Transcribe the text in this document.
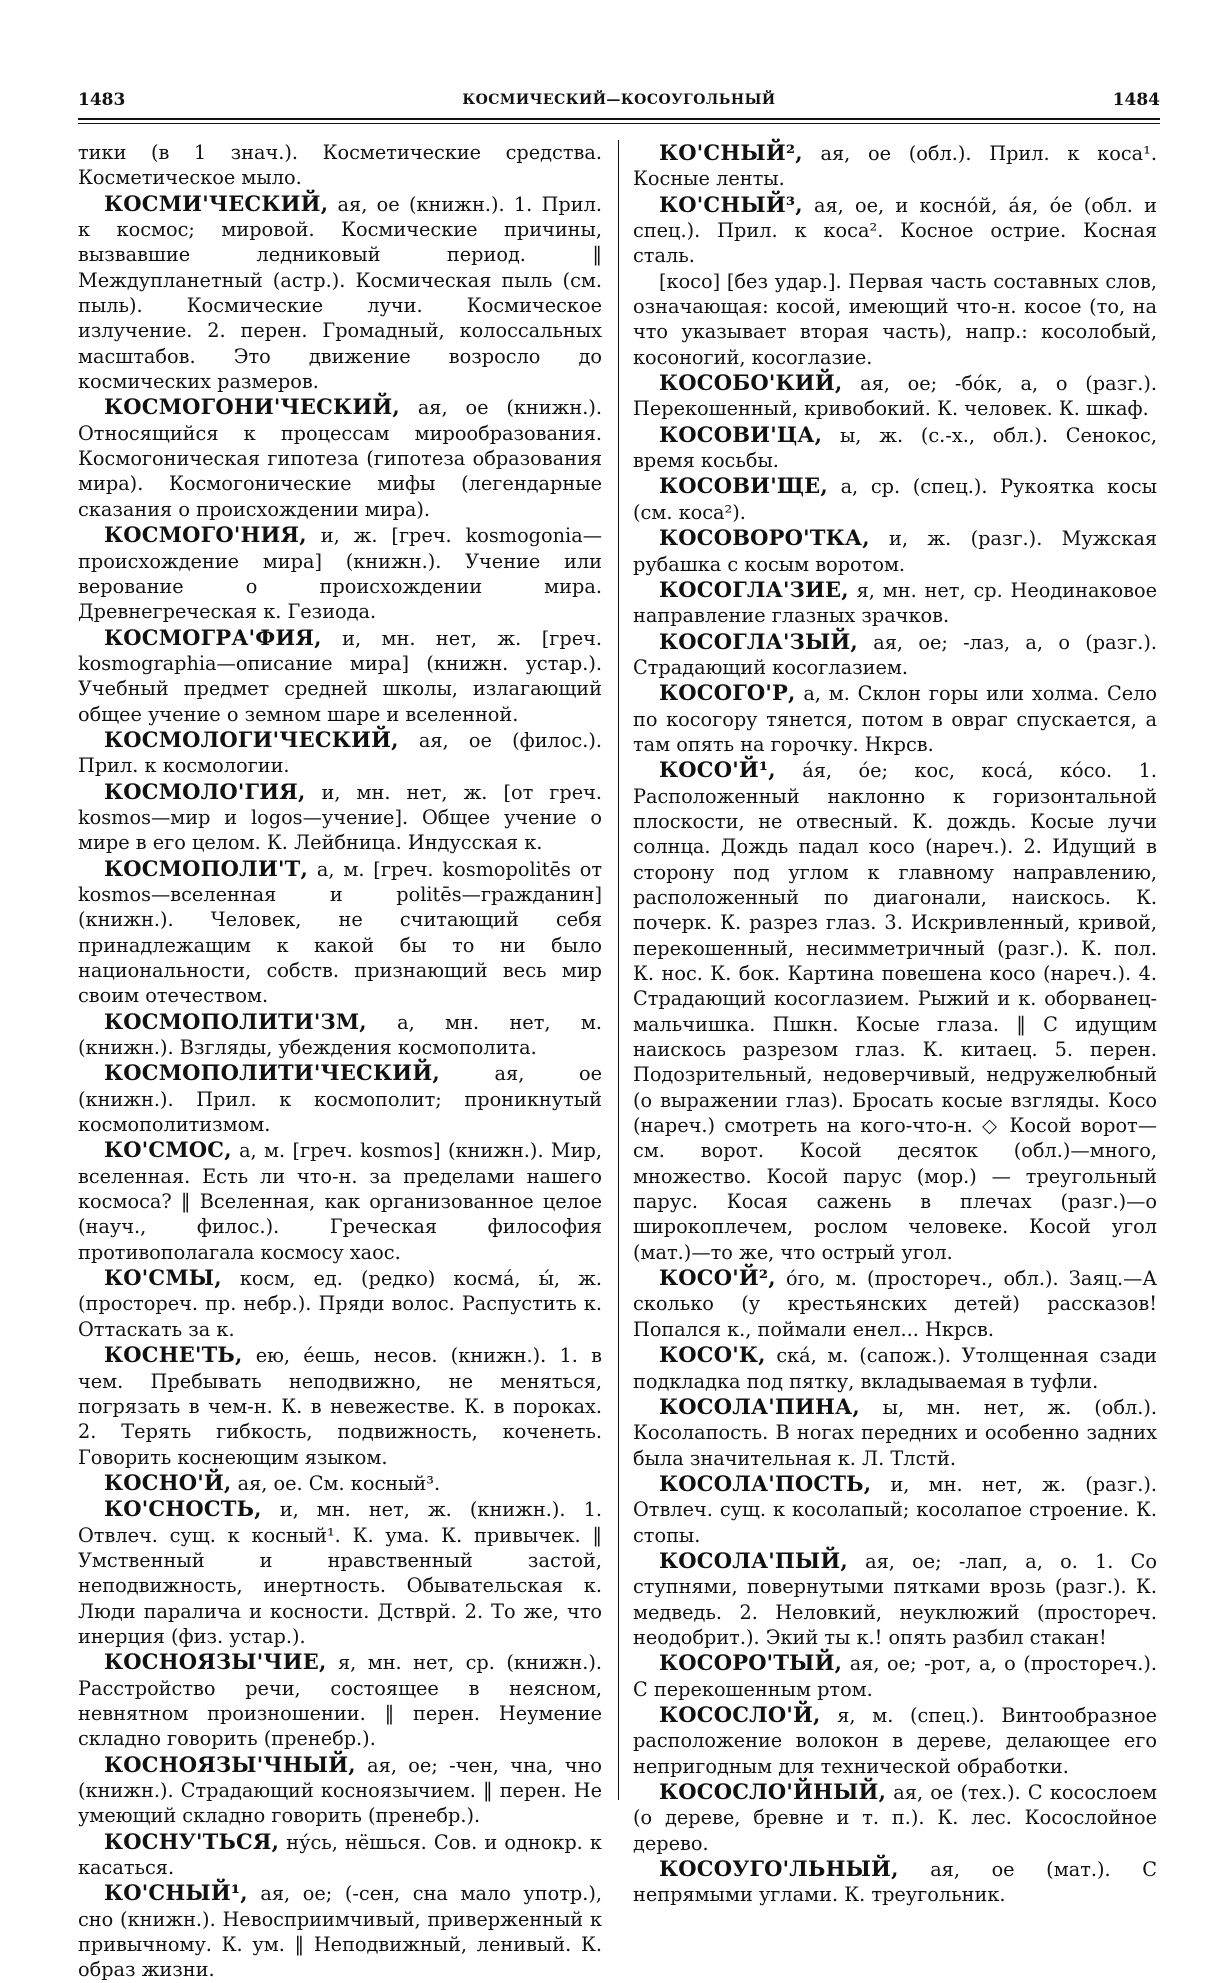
1483	КОСМИЧЕСКИЙ—КОСОУГОЛЬНЫЙ	1484

тики (в 1 знач.). Косметические средства. Косметическое мыло.

КОСМИ'ЧЕСКИЙ, ая, ое (книжн.). 1. Прил. к космос; мировой. Космические причины, вызвавшие ледниковый период. ‖ Междупланетный (астр.). Космическая пыль (см. пыль). Космические лучи. Космическое излучение. 2. перен. Громадный, колоссальных масштабов. Это движение возросло до космических размеров.

КОСМОГОНИ'ЧЕСКИЙ, ая, ое (книжн.). Относящийся к процессам мирообразования. Космогоническая гипотеза (гипотеза образования мира). Космогонические мифы (легендарные сказания о происхождении мира).

КОСМОГО'НИЯ, и, ж. [греч. kosmogonia—происхождение мира] (книжн.). Учение или верование о происхождении мира. Древнегреческая к. Гезиода.

КОСМОГРА'ФИЯ, и, мн. нет, ж. [греч. kosmographia—описание мира] (книжн. устар.). Учебный предмет средней школы, излагающий общее учение о земном шаре и вселенной.

КОСМОЛОГИ'ЧЕСКИЙ, ая, ое (филос.). Прил. к космологии.

КОСМОЛО'ГИЯ, и, мн. нет, ж. [от греч. kosmos—мир и logos—учение]. Общее учение о мире в его целом. К. Лейбница. Индусская к.

КОСМОПОЛИ'Т, а, м. [греч. kosmopolitēs от kosmos—вселенная и politēs—гражданин] (книжн.). Человек, не считающий себя принадлежащим к какой бы то ни было национальности, собств. признающий весь мир своим отечеством.

КОСМОПОЛИТИ'ЗМ, а, мн. нет, м. (книжн.). Взгляды, убеждения космополита.

КОСМОПОЛИТИ'ЧЕСКИЙ,	ая, ое (книжн.). Прил. к космополит; проникнутый космополитизмом.

КО'СМОС, а, м. [греч. kosmos] (книжн.). Мир, вселенная. Есть ли что-н. за пределами нашего космоса? ‖ Вселенная, как организованное целое (науч., филос.). Греческая философия противополагала космосу хаос.

КО'СМЫ, косм, ед. (редко) космá, ы́, ж. (простореч. пр. небр.). Пряди волос. Распустить к. Оттаскать за к.

КОСНЕ'ТЬ, ею, е́ешь, несов. (книжн.). 1. в чем. Пребывать неподвижно, не меняться, погрязать в чем-н. К. в невежестве. К. в пороках. 2. Терять гибкость, подвижность, коченеть. Говорить коснеющим языком.

КОСНО'Й, ая, ое. См. косный³.

КО'СНОСТЬ, и, мн. нет, ж. (книжн.). 1. Отвлеч. сущ. к косный¹. К. ума. К. привычек. ‖ Умственный и нравственный застой, неподвижность, инертность. Обывательская к. Люди паралича и косности. Дстврй. 2. То же, что инерция (физ. устар.).

КОСНОЯЗЫ'ЧИЕ, я, мн. нет, ср. (книжн.). Расстройство речи, состоящее в неясном, невнятном произношении. ‖ перен. Неумение складно говорить (пренебр.).

КОСНОЯЗЫ'ЧНЫЙ, ая, ое; -чен, чна, чно (книжн.). Страдающий косноязычием. ‖ перен. Не умеющий складно говорить (пренебр.).

КОСНУ'ТЬСЯ, ну́сь, нёшься. Сов. и однокр. к касаться.

КО'СНЫЙ¹, ая, ое; (-сен, сна мало употр.), сно (книжн.). Невосприимчивый, приверженный к привычному. К. ум. ‖ Неподвижный, ленивый. К. образ жизни.

КО'СНЫЙ², ая, ое (обл.). Прил. к коса¹. Косные ленты.

КО'СНЫЙ³, ая, ое, и косно́й, а́я, о́е (обл. и спец.). Прил. к коса². Косное острие. Косная сталь.

[косо] [без удар.]. Первая часть составных слов, означающая: косой, имеющий что-н. косое (то, на что указывает вторая часть), напр.: косолобый, косоногий, косоглазие.

КОСОБО'КИЙ, ая, ое; -бо́к, а, о (разг.). Перекошенный, кривобокий. К. человек. К. шкаф.

КОСОВИ'ЦА, ы, ж. (с.-х., обл.). Сенокос, время косьбы.

КОСОВИ'ЩЕ, а, ср. (спец.). Рукоятка косы (см. коса²).

КОСОВОРО'ТКА, и, ж. (разг.). Мужская рубашка с косым воротом.

КОСОГЛА'ЗИЕ, я, мн. нет, ср. Неодинаковое направление глазных зрачков.

КОСОГЛА'ЗЫЙ, ая, ое; -лаз, а, о (разг.). Страдающий косоглазием.

КОСОГО'Р, а, м. Склон горы или холма. Село по косогору тянется, потом в овраг спускается, а там опять на горочку. Нкрсв.

КОСО'Й¹, а́я, о́е; кос, коса́, ко́со. 1. Расположенный наклонно к горизонтальной плоскости, не отвесный. К. дождь. Косые лучи солнца. Дождь падал косо (нареч.). 2. Идущий в сторону под углом к главному направлению, расположенный по диагонали, наискось. К. почерк. К. разрез глаз. 3. Искривленный, кривой, перекошенный, несимметричный (разг.). К. пол. К. нос. К. бок. Картина повешена косо (нареч.). 4. Страдающий косоглазием. Рыжий и к. оборванец-мальчишка. Пшкн. Косые глаза. ‖ С идущим наискось разрезом глаз. К. китаец. 5. перен. Подозрительный, недоверчивый, недружелюбный (о выражении глаз). Бросать косые взгляды. Косо (нареч.) смотреть на кого-что-н. ◇ Косой ворот—см. ворот. Косой десяток (обл.)—много, множество. Косой парус (мор.) — треугольный парус. Косая сажень в плечах (разг.)—о широкоплечем, рослом человеке. Косой угол (мат.)—то же, что острый угол.

КОСО'Й², о́го, м. (простореч., обл.). Заяц.—А сколько (у крестьянских детей) рассказов! Попался к., поймали енел... Нкрсв.

КОСО'К, ска́, м. (сапож.). Утолщенная сзади подкладка под пятку, вкладываемая в туфли.

КОСОЛА'ПИНА, ы, мн. нет, ж. (обл.). Косолапость. В ногах передних и особенно задних была значительная к. Л. Тлстй.

КОСОЛА'ПОСТЬ, и, мн. нет, ж. (разг.). Отвлеч. сущ. к косолапый; косолапое строение. К. стопы.

КОСОЛА'ПЫЙ, ая, ое; -лап, а, о. 1. Со ступнями, повернутыми пятками врозь (разг.). К. медведь. 2. Неловкий, неуклюжий (простореч. неодобрит.). Экий ты к.! опять разбил стакан!

КОСОРО'ТЫЙ, ая, ое; -рот, а, о (простореч.). С перекошенным ртом.

КОСОСЛО'Й, я, м. (спец.). Винтообразное расположение волокон в дереве, делающее его непригодным для технической обработки.

КОСОСЛО'ЙНЫЙ, ая, ое (тех.). С косослоем (о дереве, бревне и т. п.). К. лес. Косослойное дерево.

КОСОУГО'ЛЬНЫЙ, ая, ое (мат.). С непрямыми углами. К. треугольник.
